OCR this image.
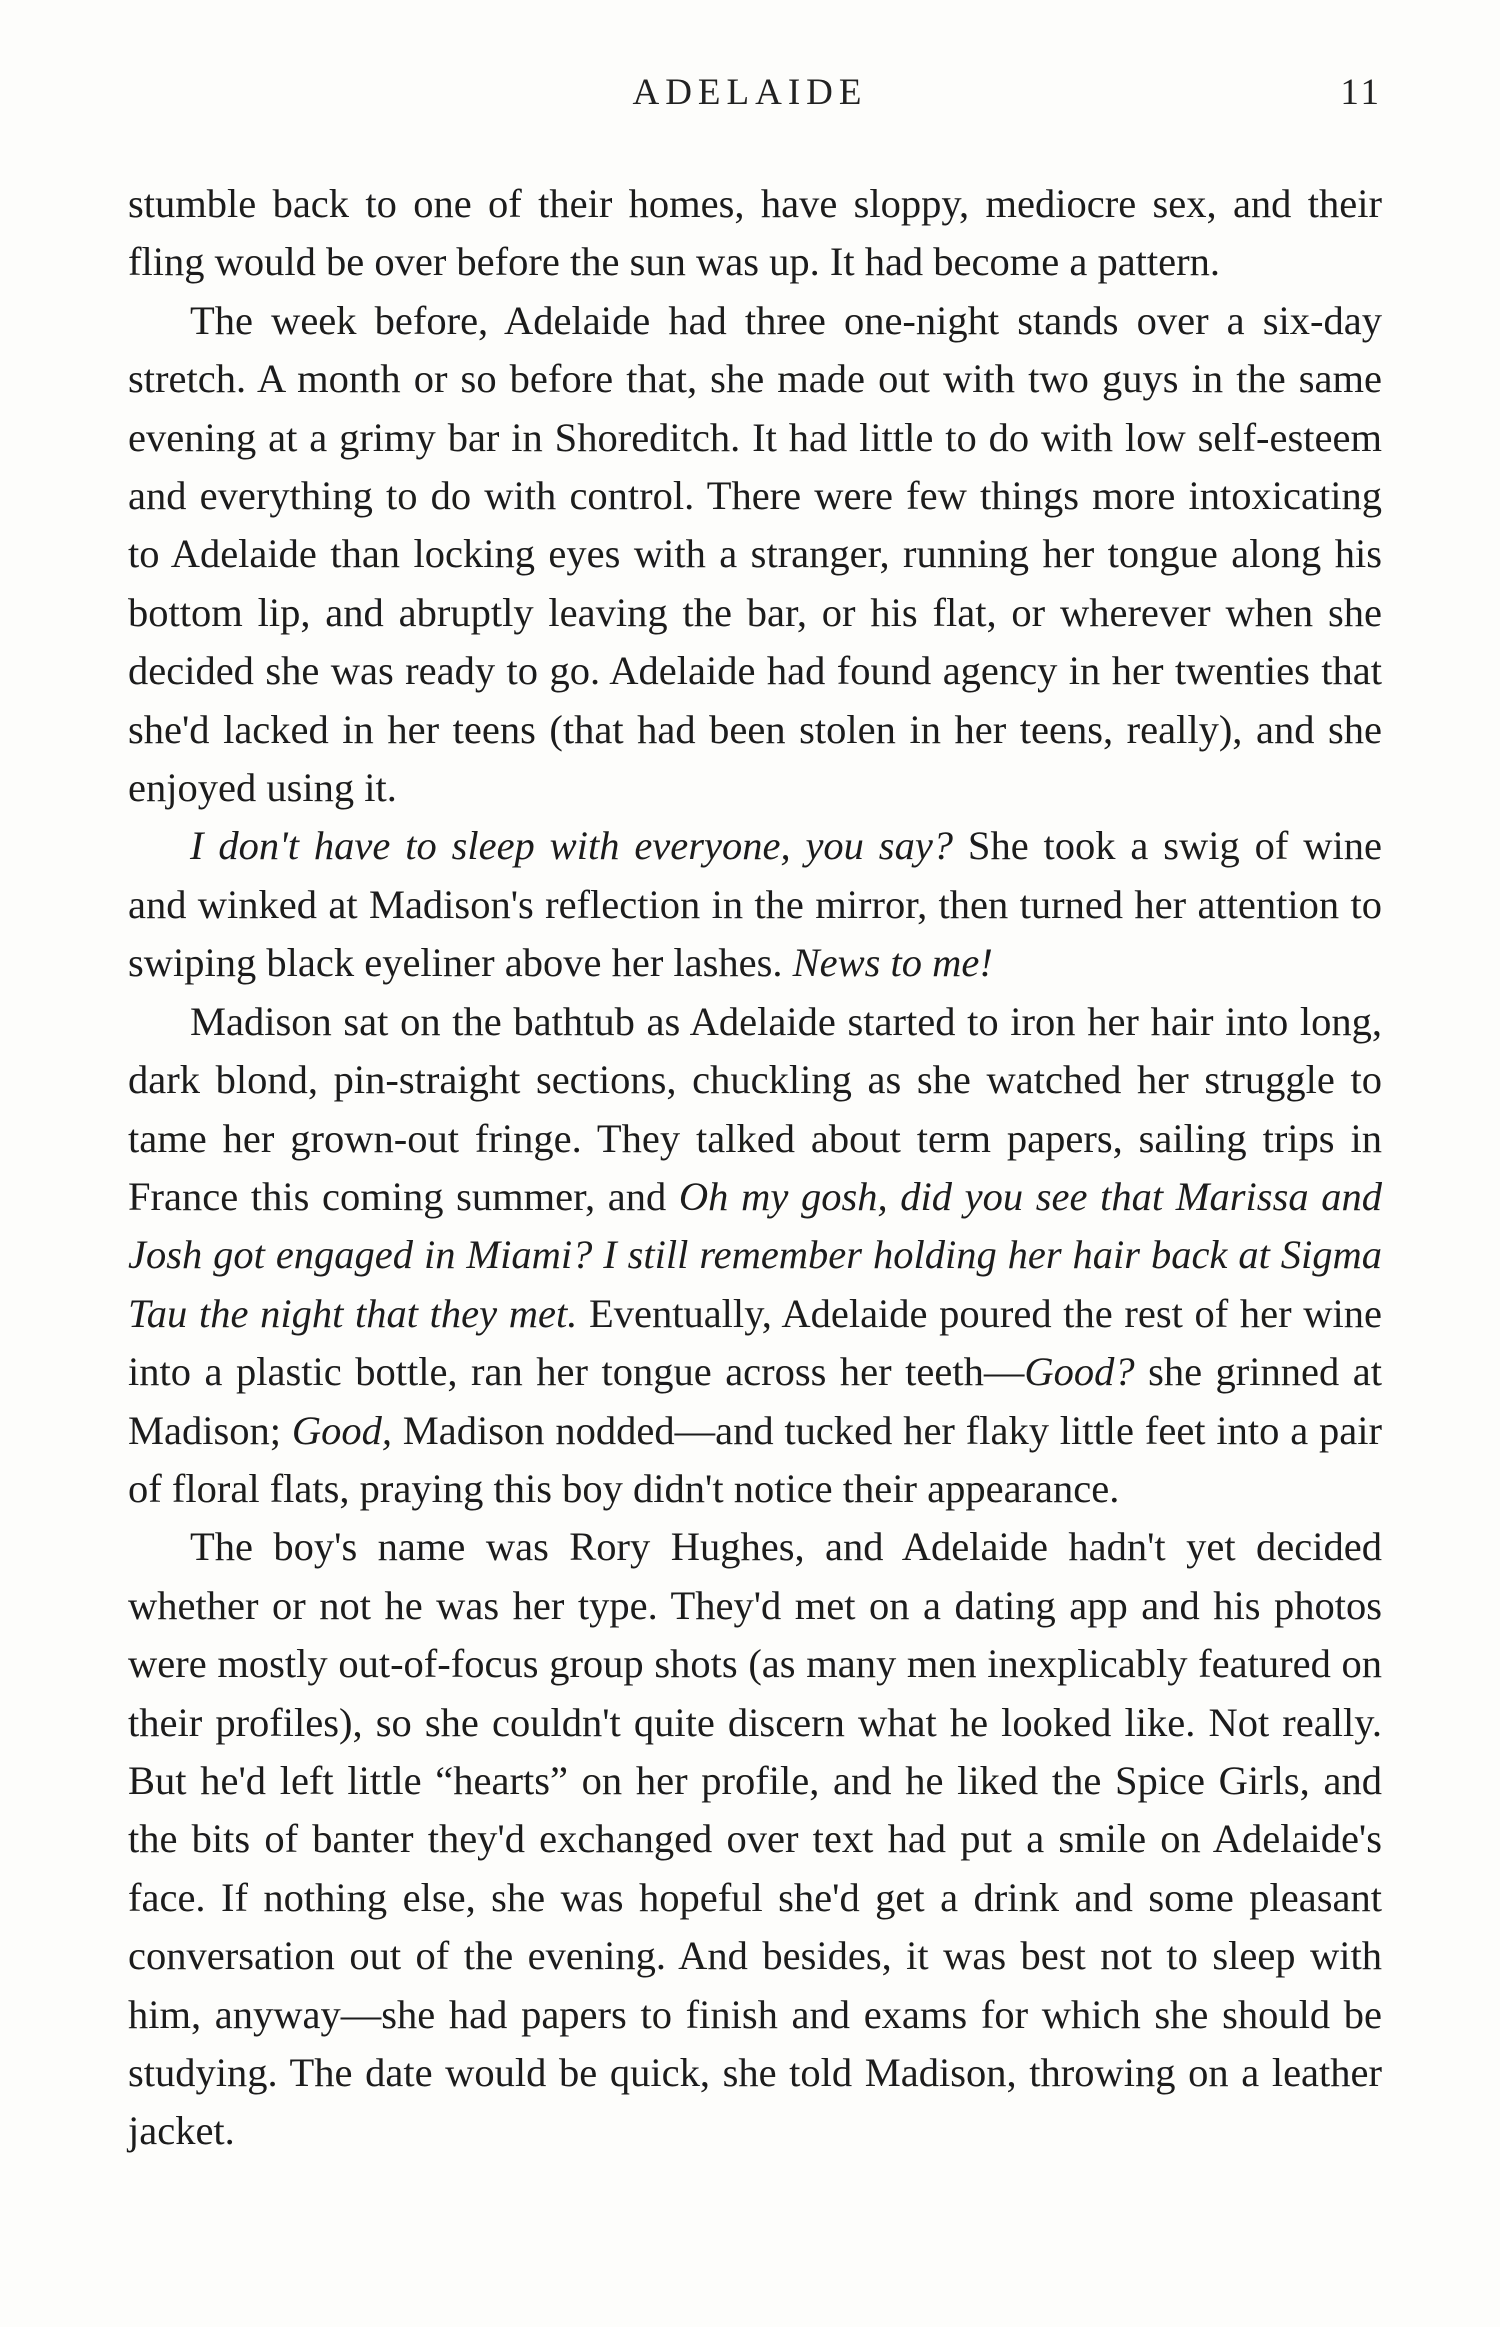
ADELAIDE	11

stumble back to one of their homes, have sloppy, mediocre sex, and their fling would be over before the sun was up. It had become a pattern.

The week before, Adelaide had three one-night stands over a six-day stretch. A month or so before that, she made out with two guys in the same evening at a grimy bar in Shoreditch. It had little to do with low self-esteem and everything to do with control. There were few things more intoxicating to Adelaide than locking eyes with a stranger, running her tongue along his bottom lip, and abruptly leaving the bar, or his flat, or wherever when she decided she was ready to go. Adelaide had found agency in her twenties that she'd lacked in her teens (that had been stolen in her teens, really), and she enjoyed using it.

I don't have to sleep with everyone, you say? She took a swig of wine and winked at Madison's reflection in the mirror, then turned her attention to swiping black eyeliner above her lashes. News to me!

Madison sat on the bathtub as Adelaide started to iron her hair into long, dark blond, pin-straight sections, chuckling as she watched her struggle to tame her grown-out fringe. They talked about term papers, sailing trips in France this coming summer, and Oh my gosh, did you see that Marissa and Josh got engaged in Miami? I still remember holding her hair back at Sigma Tau the night that they met. Eventually, Adelaide poured the rest of her wine into a plastic bottle, ran her tongue across her teeth—Good? she grinned at Madison; Good, Madison nodded—and tucked her flaky little feet into a pair of floral flats, praying this boy didn't notice their appearance.

The boy's name was Rory Hughes, and Adelaide hadn't yet decided whether or not he was her type. They'd met on a dating app and his photos were mostly out-of-focus group shots (as many men inexplicably featured on their profiles), so she couldn't quite discern what he looked like. Not really. But he'd left little “hearts” on her profile, and he liked the Spice Girls, and the bits of banter they'd exchanged over text had put a smile on Adelaide's face. If nothing else, she was hopeful she'd get a drink and some pleasant conversation out of the evening. And besides, it was best not to sleep with him, anyway—she had papers to finish and exams for which she should be studying. The date would be quick, she told Madison, throwing on a leather jacket.
